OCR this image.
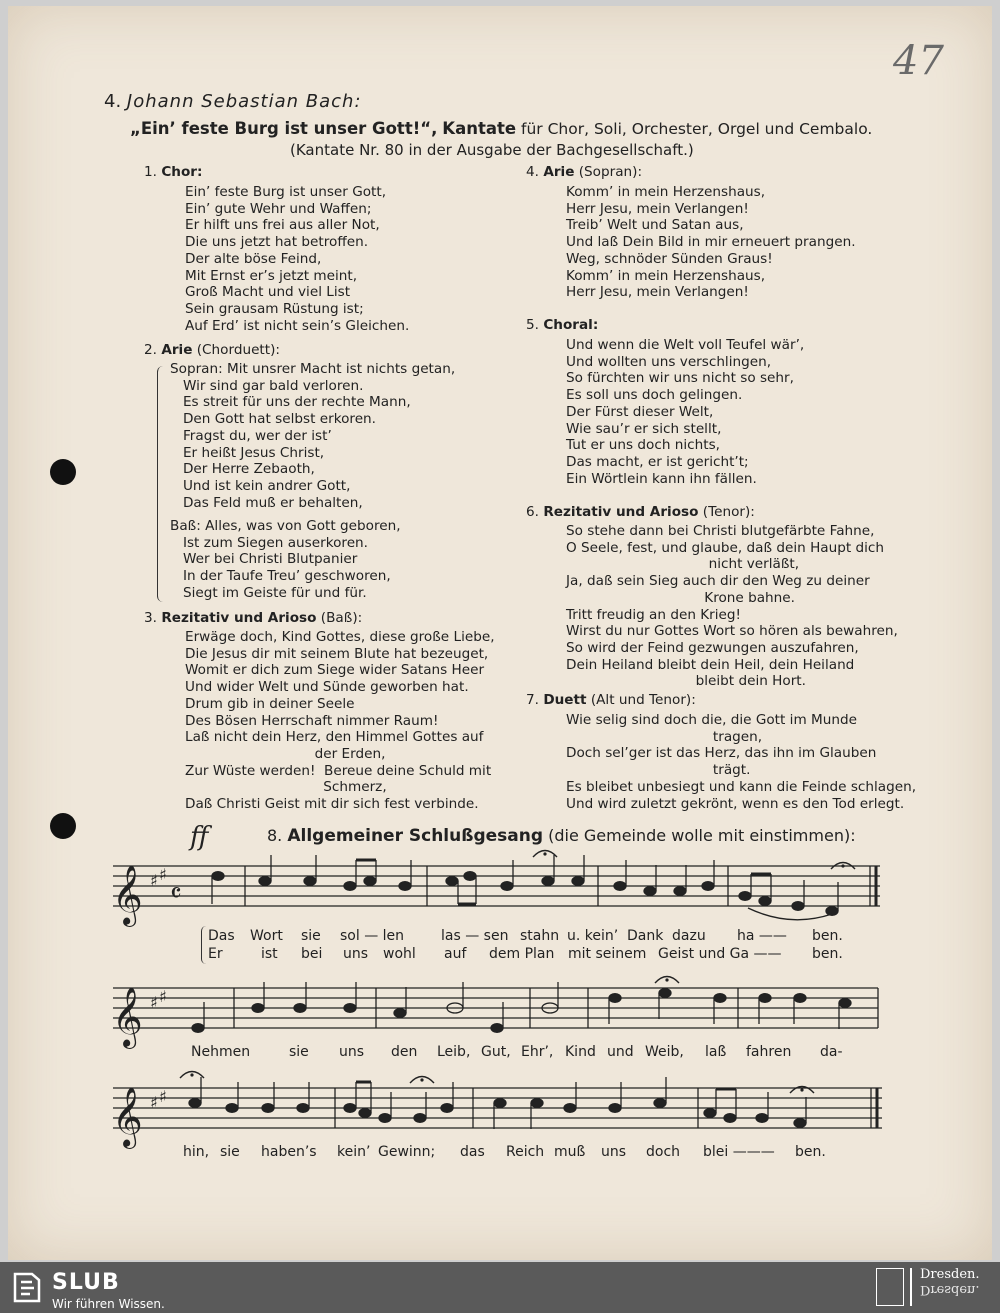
47
4. Johann Sebastian Bach:
„Ein’ feste Burg ist unser Gott!“, Kantate für Chor, Soli, Orchester, Orgel und Cembalo.
(Kantate Nr. 80 in der Ausgabe der Bachgesellschaft.)
1. Chor:
Ein’ feste Burg ist unser Gott,
Ein’ gute Wehr und Waffen;
Er hilft uns frei aus aller Not,
Die uns jetzt hat betroffen.
Der alte böse Feind,
Mit Ernst er’s jetzt meint,
Groß Macht und viel List
Sein grausam Rüstung ist;
Auf Erd’ ist nicht sein’s Gleichen.
2. Arie (Chorduett):
Sopran: Mit unsrer Macht ist nichts getan,
Wir sind gar bald verloren.
Es streit für uns der rechte Mann,
Den Gott hat selbst erkoren.
Fragst du, wer der ist’
Er heißt Jesus Christ,
Der Herre Zebaoth,
Und ist kein andrer Gott,
Das Feld muß er behalten,
Baß: Alles, was von Gott geboren,
Ist zum Siegen auserkoren.
Wer bei Christi Blutpanier
In der Taufe Treu’ geschworen,
Siegt im Geiste für und für.
3. Rezitativ und Arioso (Baß):
Erwäge doch, Kind Gottes, diese große Liebe,
Die Jesus dir mit seinem Blute hat bezeuget,
Womit er dich zum Siege wider Satans Heer
Und wider Welt und Sünde geworben hat.
Drum gib in deiner Seele
Des Bösen Herrschaft nimmer Raum!
Laß nicht dein Herz, den Himmel Gottes auf
der Erden,
Zur Wüste werden!  Bereue deine Schuld mit
Schmerz,
Daß Christi Geist mit dir sich fest verbinde.
4. Arie (Sopran):
Komm’ in mein Herzenshaus,
Herr Jesu, mein Verlangen!
Treib’ Welt und Satan aus,
Und laß Dein Bild in mir erneuert prangen.
Weg, schnöder Sünden Graus!
Komm’ in mein Herzenshaus,
Herr Jesu, mein Verlangen!
5. Choral:
Und wenn die Welt voll Teufel wär’,
Und wollten uns verschlingen,
So fürchten wir uns nicht so sehr,
Es soll uns doch gelingen.
Der Fürst dieser Welt,
Wie sau’r er sich stellt,
Tut er uns doch nichts,
Das macht, er ist gericht’t;
Ein Wörtlein kann ihn fällen.
6. Rezitativ und Arioso (Tenor):
So stehe dann bei Christi blutgefärbte Fahne,
O Seele, fest, und glaube, daß dein Haupt dich
nicht verläßt,
Ja, daß sein Sieg auch dir den Weg zu deiner
Krone bahne.
Tritt freudig an den Krieg!
Wirst du nur Gottes Wort so hören als bewahren,
So wird der Feind gezwungen auszufahren,
Dein Heiland bleibt dein Heil, dein Heiland
bleibt dein Hort.
7. Duett (Alt und Tenor):
Wie selig sind doch die, die Gott im Munde
tragen,
Doch sel’ger ist das Herz, das ihn im Glauben
trägt.
Es bleibet unbesiegt und kann die Feinde schlagen,
Und wird zuletzt gekrönt, wenn es den Tod erlegt.
ff	8. Allgemeiner Schlußgesang (die Gemeinde wolle mit einstimmen):
𝄞 ♯ ♯
𝄴
𝄞 ♯ ♯
𝄞 ♯ ♯
Das Wort sie sol — len	las — sen stahn u. kein’ Dank dazu ha —— ben.
Er	ist bei uns wohl auf dem Plan mit seinem Geist und Ga —— ben.
Nehmen	sie uns den Leib, Gut, Ehr’, Kind und Weib, laß fahren da-
hin, sie haben’s kein’ Gewinn; das Reich muß uns doch blei ——— ben.
SLUB
Wir führen Wissen.
Dresden.
Dresden.
